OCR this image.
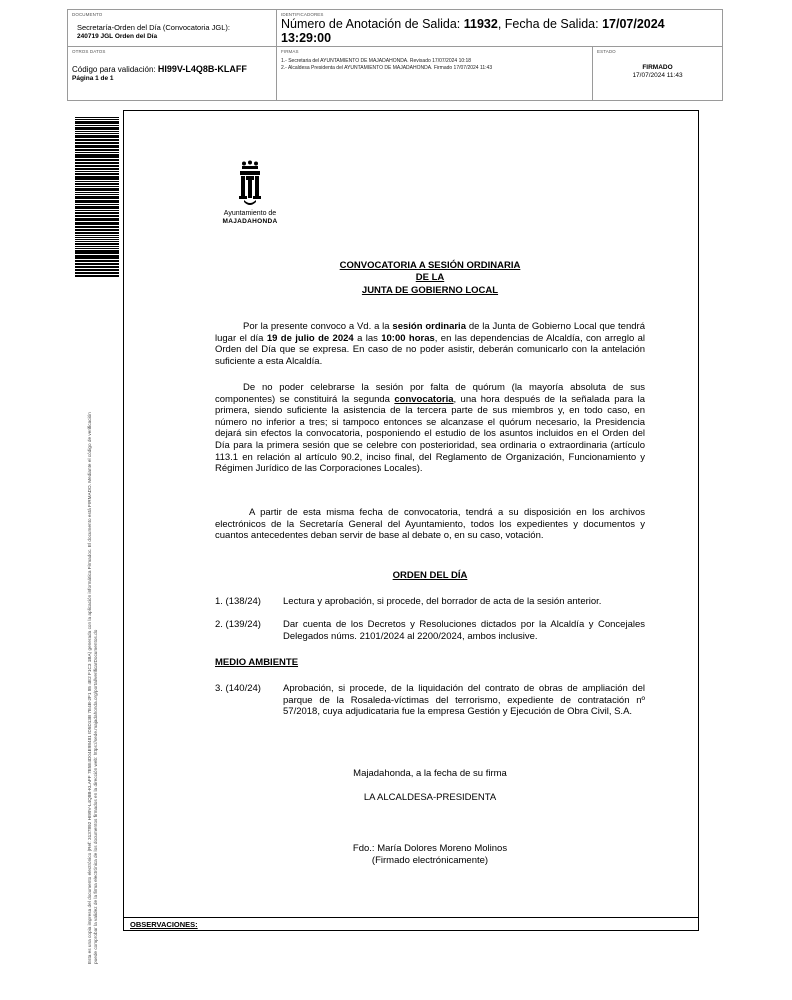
DOCUMENTO
Secretaría-Orden del Día (Convocatoria JGL):
240719 JGL Orden del Día
IDENTIFICADORES
Número de Anotación de Salida: 11932, Fecha de Salida: 17/07/2024
13:29:00
OTROS DATOS
Código para validación: HI99V-L4Q8B-KLAFF
Página 1 de 1
FIRMAS
1.- Secretaria del AYUNTAMIENTO DE MAJADAHONDA. Revisado 17/07/2024 10:18
2.- Alcaldesa Presidenta del AYUNTAMIENTO DE MAJADAHONDA. Firmado 17/07/2024 11:43
ESTADO
FIRMADO
17/07/2024 11:43
Esta es una copia impresa del documento electrónico (Ref: 3137892 HI99V-L4Q8B-KLAFF 7E5E4D04E98481 ID5D13B 7E4B-2F1 85 4E2 F1C3 1BA) generada con la aplicación informática Firmadoc. El documento está FIRMADO. Mediante el código de verificación puede comprobar la validez de la firma electrónica de los documentos firmados en la dirección web: https://sede.majadahonda.org/portal/verificarDocumentos.do	OBSERVACIONES:
Ayuntamiento de
MAJADAHONDA
CONVOCATORIA A SESIÓN ORDINARIA
DE LA
JUNTA DE GOBIERNO LOCAL
Por la presente convoco a Vd. a la sesión ordinaria de la Junta de Gobierno Local que tendrá lugar el día 19 de julio de 2024 a las 10:00 horas, en las dependencias de Alcaldía, con arreglo al Orden del Día que se expresa. En caso de no poder asistir, deberán comunicarlo con la antelación suficiente a esta Alcaldía.
De no poder celebrarse la sesión por falta de quórum (la mayoría absoluta de sus componentes) se constituirá la segunda convocatoria, una hora después de la señalada para la primera, siendo suficiente la asistencia de la tercera parte de sus miembros y, en todo caso, en número no inferior a tres; si tampoco entonces se alcanzase el quórum necesario, la Presidencia dejará sin efectos la convocatoria, posponiendo el estudio de los asuntos incluidos en el Orden del Día para la primera sesión que se celebre con posterioridad, sea ordinaria o extraordinaria (artículo 113.1 en relación al artículo 90.2, inciso final, del Reglamento de Organización, Funcionamiento y Régimen Jurídico de las Corporaciones Locales).
A partir de esta misma fecha de convocatoria, tendrá a su disposición en los archivos electrónicos de la Secretaría General del Ayuntamiento, todos los expedientes y documentos y cuantos antecedentes deban servir de base al debate o, en su caso, votación.
ORDEN DEL DÍA
1. (138/24) Lectura y aprobación, si procede, del borrador de acta de la sesión anterior.
2. (139/24) Dar cuenta de los Decretos y Resoluciones dictados por la Alcaldía y Concejales Delegados núms. 2101/2024 al 2200/2024, ambos inclusive.
MEDIO AMBIENTE
3. (140/24) Aprobación, si procede, de la liquidación del contrato de obras de ampliación del parque de la Rosaleda-víctimas del terrorismo, expediente de contratación nº 57/2018, cuya adjudicataria fue la empresa Gestión y Ejecución de Obra Civil, S.A.
Majadahonda, a la fecha de su firma
LA ALCALDESA-PRESIDENTA
Fdo.: María Dolores Moreno Molinos
(Firmado electrónicamente)
